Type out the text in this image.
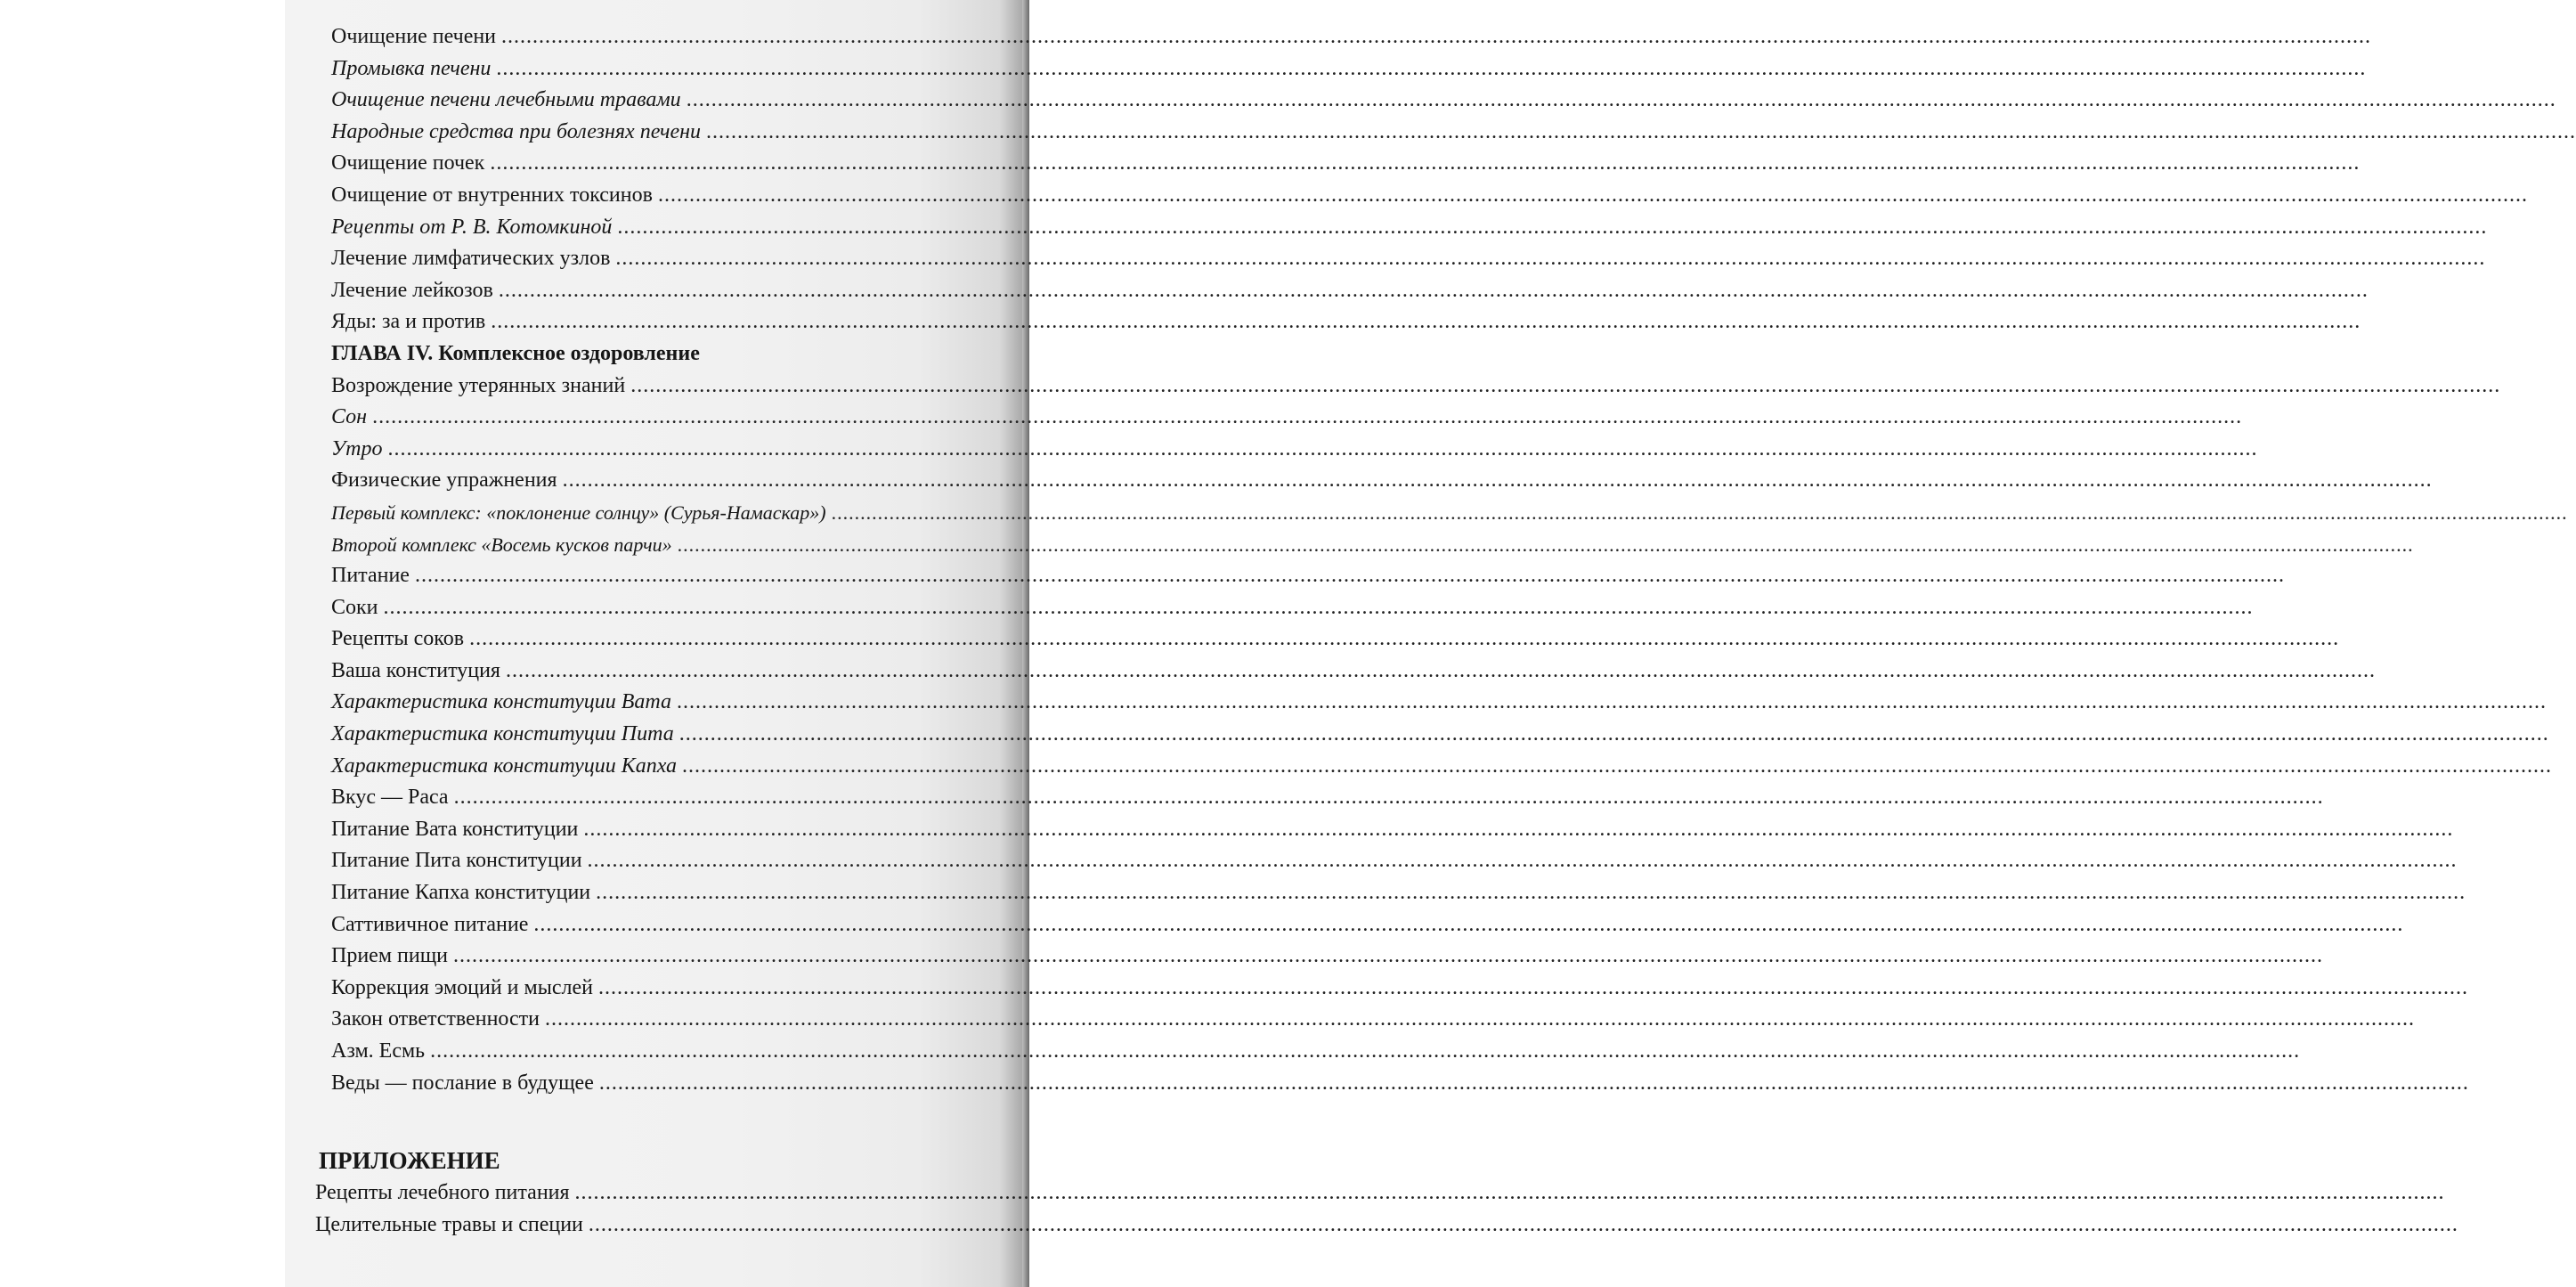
Очищение печени ............................................................................................................................................................................................................................................................................................................
Промывка печени ............................................................................................................................................................................................................................................................................................................
Очищение печени лечебными травами ............................................................................................................................................................................................................................................................................................................
Народные средства при болезнях печени ............................................................................................................................................................................................................................................................................................................
Очищение почек ............................................................................................................................................................................................................................................................................................................
Очищение от внутренних токсинов ............................................................................................................................................................................................................................................................................................................
Рецепты от Р. В. Котомкиной ............................................................................................................................................................................................................................................................................................................
Лечение лимфатических узлов ............................................................................................................................................................................................................................................................................................................
Лечение лейкозов ............................................................................................................................................................................................................................................................................................................
Яды: за и против ............................................................................................................................................................................................................................................................................................................
ГЛАВА IV. Комплексное оздоровление
Возрождение утерянных знаний ............................................................................................................................................................................................................................................................................................................
Сон ............................................................................................................................................................................................................................................................................................................
Утро ............................................................................................................................................................................................................................................................................................................
Физические упражнения ............................................................................................................................................................................................................................................................................................................
Первый комплекс: «поклонение солнцу» (Сурья-Намаскар») ............................................................................................................................................................................................................................................................................................................
Второй комплекс «Восемь кусков парчи» ............................................................................................................................................................................................................................................................................................................
Питание ............................................................................................................................................................................................................................................................................................................
Соки ............................................................................................................................................................................................................................................................................................................
Рецепты соков ............................................................................................................................................................................................................................................................................................................
Ваша конституция ............................................................................................................................................................................................................................................................................................................
Характеристика конституции Вата ............................................................................................................................................................................................................................................................................................................
Характеристика конституции Пита ............................................................................................................................................................................................................................................................................................................
Характеристика конституции Капха ............................................................................................................................................................................................................................................................................................................
Вкус — Раса ............................................................................................................................................................................................................................................................................................................
Питание Вата конституции ............................................................................................................................................................................................................................................................................................................
Питание Пита конституции ............................................................................................................................................................................................................................................................................................................
Питание Капха конституции ............................................................................................................................................................................................................................................................................................................
Саттивичное питание ............................................................................................................................................................................................................................................................................................................
Прием пищи ............................................................................................................................................................................................................................................................................................................
Коррекция эмоций и мыслей ............................................................................................................................................................................................................................................................................................................
Закон ответственности ............................................................................................................................................................................................................................................................................................................
Азм. Есмь ............................................................................................................................................................................................................................................................................................................
Веды — послание в будущее ............................................................................................................................................................................................................................................................................................................
ПРИЛОЖЕНИЕ
Рецепты лечебного питания ............................................................................................................................................................................................................................................................................................................
Целительные травы и специи ............................................................................................................................................................................................................................................................................................................
